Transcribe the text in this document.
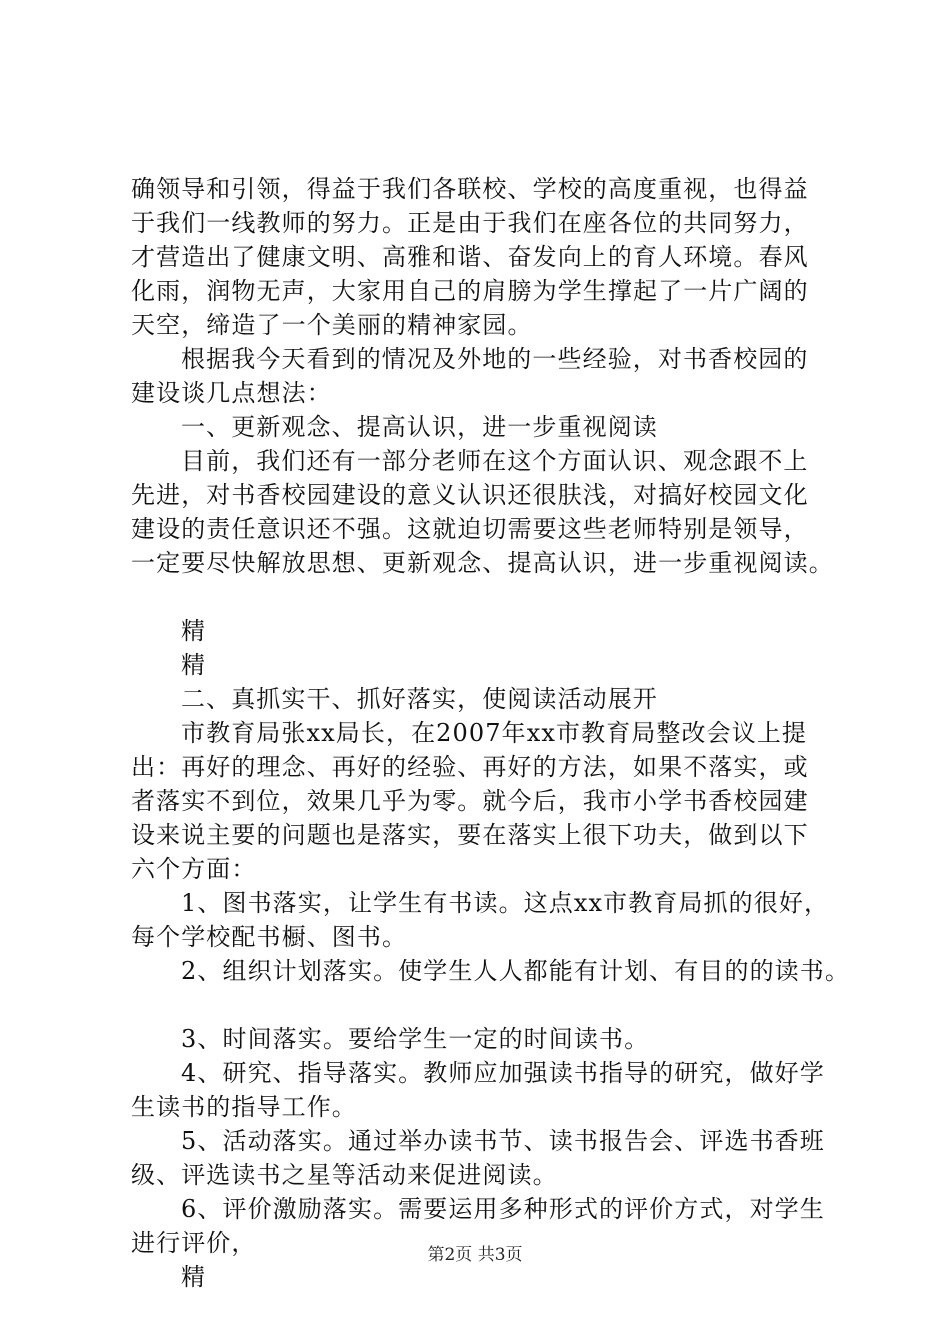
确领导和引领，得益于我们各联校、学校的高度重视，也得益
于我们一线教师的努力。正是由于我们在座各位的共同努力，
才营造出了健康文明、高雅和谐、奋发向上的育人环境。春风
化雨，润物无声，大家用自己的肩膀为学生撑起了一片广阔的
天空，缔造了一个美丽的精神家园。
根据我今天看到的情况及外地的一些经验，对书香校园的
建设谈几点想法：
一、更新观念、提高认识，进一步重视阅读
目前，我们还有一部分老师在这个方面认识、观念跟不上
先进，对书香校园建设的意义认识还很肤浅，对搞好校园文化
建设的责任意识还不强。这就迫切需要这些老师特别是领导，
一定要尽快解放思想、更新观念、提高认识，进一步重视阅读。
精
精
二、真抓实干、抓好落实，使阅读活动展开
市教育局张xx局长，在2007年xx市教育局整改会议上提
出：再好的理念、再好的经验、再好的方法，如果不落实，或
者落实不到位，效果几乎为零。就今后，我市小学书香校园建
设来说主要的问题也是落实，要在落实上很下功夫，做到以下
六个方面：
1、图书落实，让学生有书读。这点xx市教育局抓的很好，
每个学校配书橱、图书。
2、组织计划落实。使学生人人都能有计划、有目的的读书。
3、时间落实。要给学生一定的时间读书。
4、研究、指导落实。教师应加强读书指导的研究，做好学
生读书的指导工作。
5、活动落实。通过举办读书节、读书报告会、评选书香班
级、评选读书之星等活动来促进阅读。
6、评价激励落实。需要运用多种形式的评价方式，对学生
进行评价，
精
第2页 共3页
